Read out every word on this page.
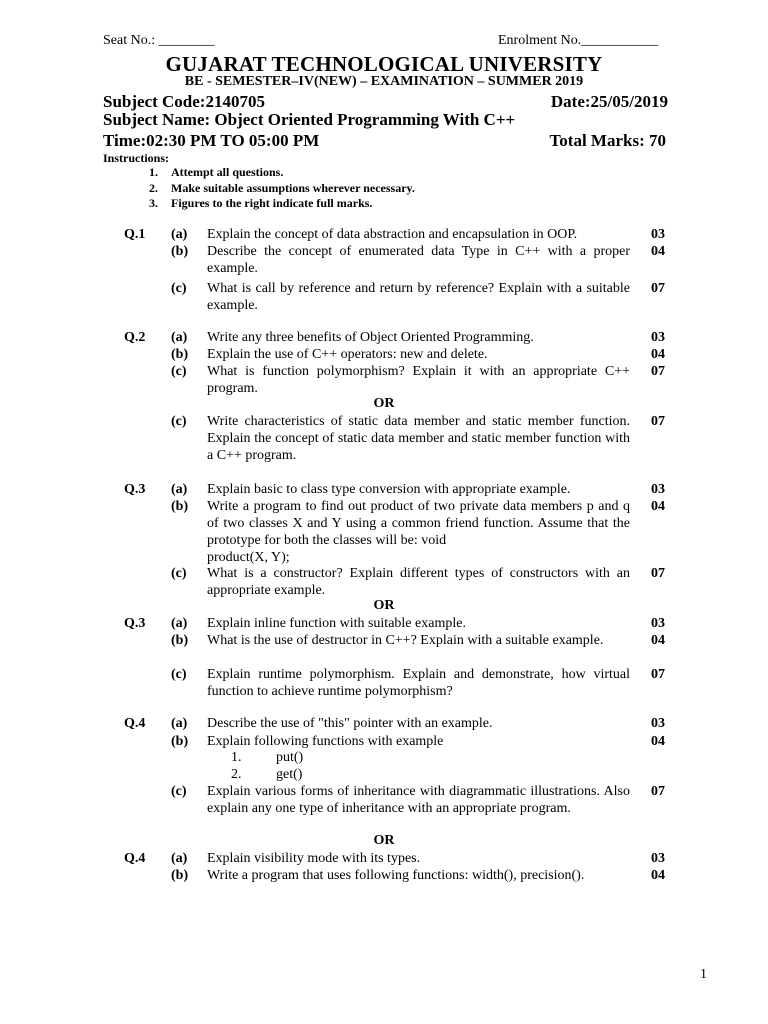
Seat No.: ________	Enrolment No.___________
GUJARAT TECHNOLOGICAL UNIVERSITY
BE - SEMESTER–IV(NEW) – EXAMINATION – SUMMER 2019
Subject Code:2140705	Date:25/05/2019
Subject Name: Object Oriented Programming With C++
Time:02:30 PM TO 05:00 PM	Total Marks: 70
Instructions:
1. Attempt all questions.
2. Make suitable assumptions wherever necessary.
3. Figures to the right indicate full marks.
Q.1 (a) Explain the concept of data abstraction and encapsulation in OOP.	03
(b) Describe the concept of enumerated data Type in C++ with a proper example.
04
(c) What is call by reference and return by reference? Explain with a suitable example.
07
Q.2 (a) Write any three benefits of Object Oriented Programming.	03
(b) Explain the use of C++ operators: new and delete.	04
(c) What is function polymorphism? Explain it with an appropriate C++ program.
07
OR
(c) Write characteristics of static data member and static member function. Explain the concept of static data member and static member function with a C++ program.
07
Q.3 (a) Explain basic to class type conversion with appropriate example.	03
(b) Write a program to find out product of two private data members p and q of two classes X and Y using a common friend function. Assume that the prototype for both the classes will be: void
product(X, Y);
04
(c) What is a constructor? Explain different types of constructors with an appropriate example.
07
OR
Q.3 (a) Explain inline function with suitable example.	03
(b) What is the use of destructor in C++? Explain with a suitable example.	04
(c) Explain runtime polymorphism. Explain and demonstrate, how virtual function to achieve runtime polymorphism?
07
Q.4 (a) Describe the use of "this" pointer with an example.	03
(b) Explain following functions with example	04
1. put()
2. get()
(c) Explain various forms of inheritance with diagrammatic illustrations. Also explain any one type of inheritance with an appropriate program.
07
OR
Q.4 (a) Explain visibility mode with its types.	03
(b) Write a program that uses following functions: width(), precision().	04
1
